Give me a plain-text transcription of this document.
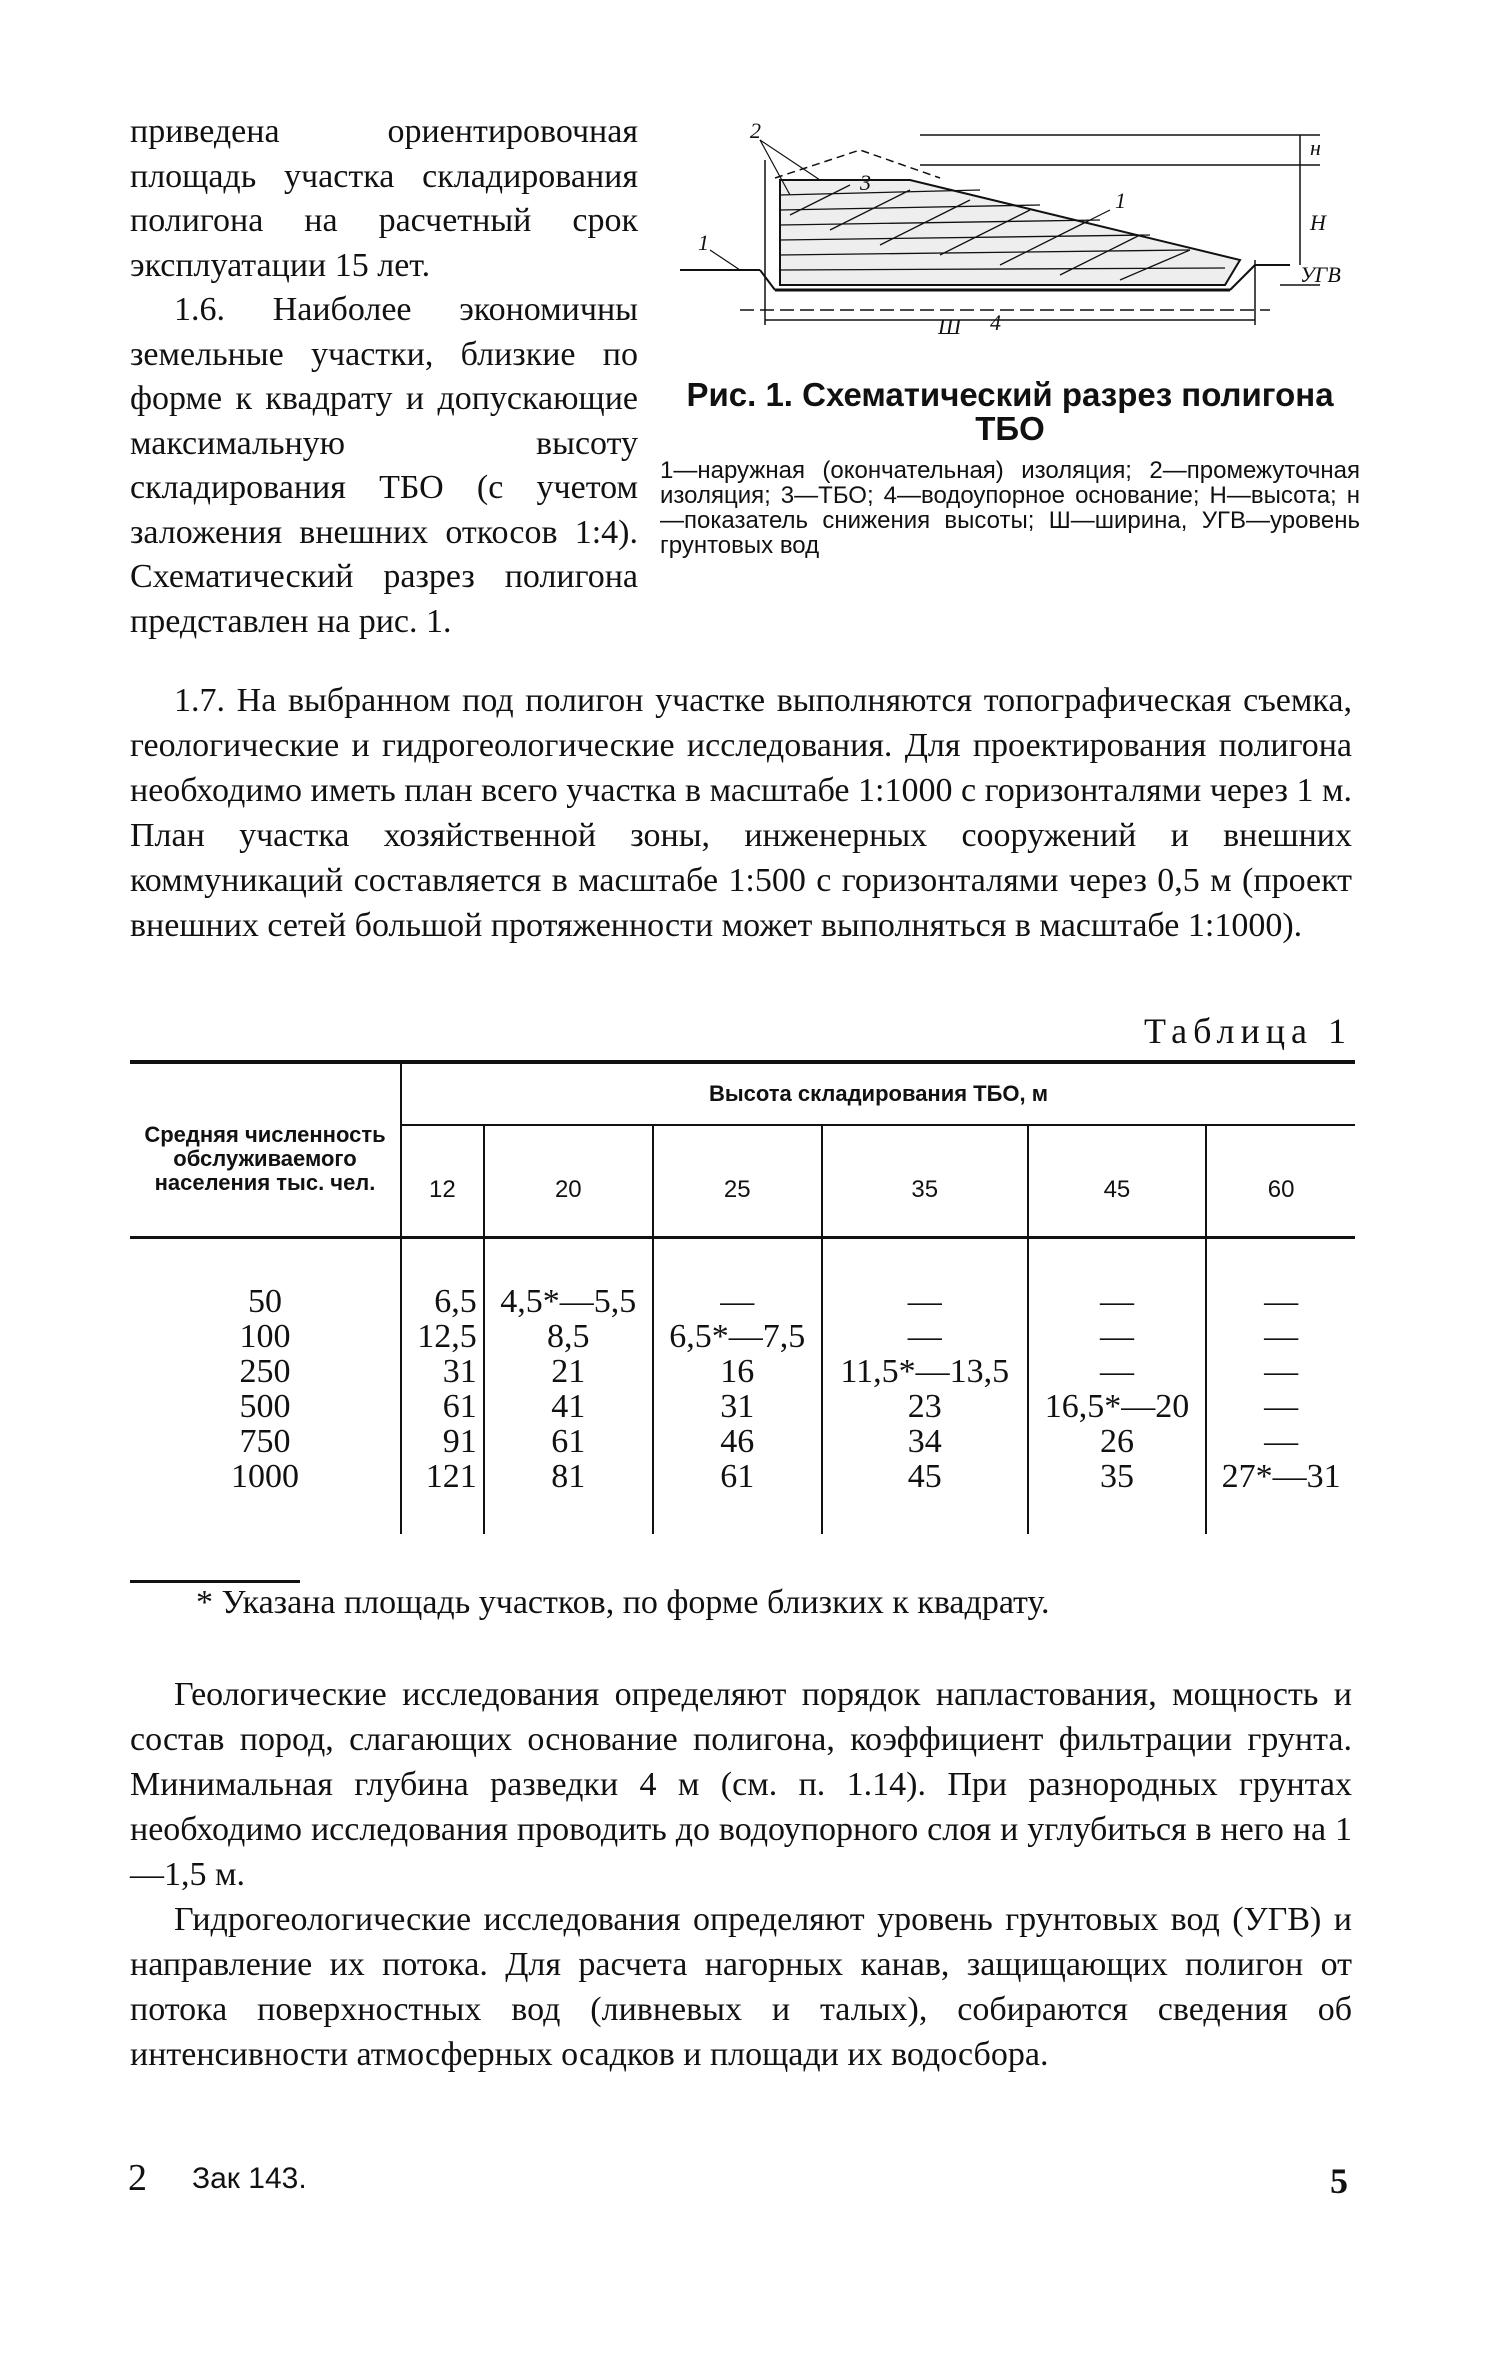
приведена ориентировочная площадь участка складирования полигона на расчетный срок эксплуатации 15 лет.

1.6. Наиболее экономичны земельные участки, близкие по форме к квадрату и допускающие максимальную высоту складирования ТБО (с учетом заложения внешних откосов 1:4). Схематический разрез полигона представлен на рис. 1.

2
3
1
1
4
Ш
Н
н
УГВ
Рис. 1. Схематический разрез полигона ТБО
1—наружная (окончательная) изоляция; 2—промежуточная изоляция; 3—ТБО; 4—водоупорное основание; Н—высота; н—показатель снижения высоты; Ш—ширина, УГВ—уровень грунтовых вод

1.7. На выбранном под полигон участке выполняются топографическая съемка, геологические и гидрогеологические исследования. Для проектирования полигона необходимо иметь план всего участка в масштабе 1:1000 с горизонталями через 1 м. План участка хозяйственной зоны, инженерных сооружений и внешних коммуникаций составляется в масштабе 1:500 с горизонталями через 0,5 м (проект внешних сетей большой протяженности может выполняться в масштабе 1:1000).

Таблица 1
Средняя численность обслуживаемого населения тыс. чел.	Высота складирования ТБО, м					
	12	20	25	35	45	60
50	6,5	4,5*—5,5	—	—	—	—
100	12,5	8,5	6,5*—7,5	—	—	—
250	31	21	16	11,5*—13,5	—	—
500	61	41	31	23	16,5*—20	—
750	91	61	46	34	26	—
1000	121	81	61	45	35	27*—31
* Указана площадь участков, по форме близких к квадрату.

Геологические исследования определяют порядок напластования, мощность и состав пород, слагающих основание полигона, коэффициент фильтрации грунта. Минимальная глубина разведки 4 м (см. п. 1.14). При разнородных грунтах необходимо исследования проводить до водоупорного слоя и углубиться в него на 1—1,5 м.

Гидрогеологические исследования определяют уровень грунтовых вод (УГВ) и направление их потока. Для расчета нагорных канав, защищающих полигон от потока поверхностных вод (ливневых и талых), собираются сведения об интенсивности атмосферных осадков и площади их водосбора.

2 Зак 143.	5
